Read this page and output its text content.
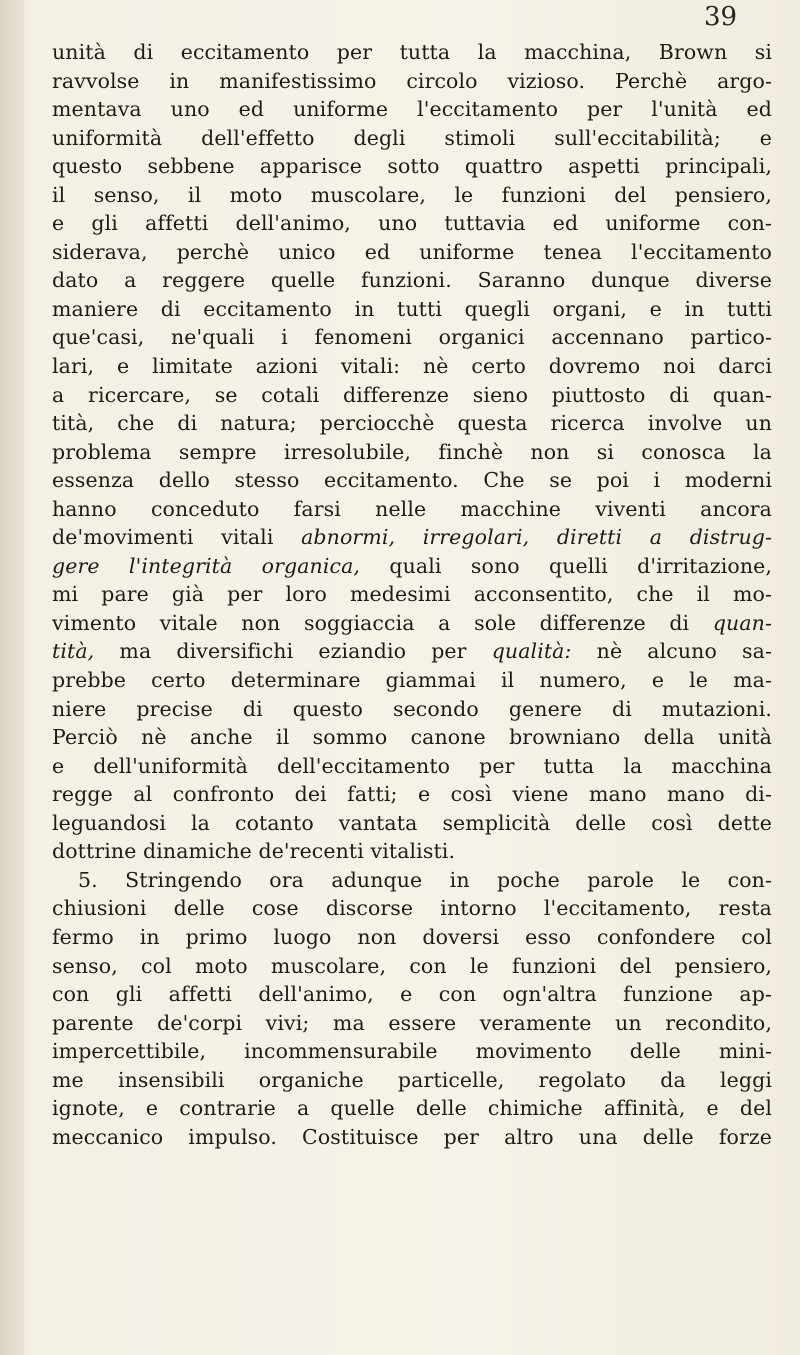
39
unità di eccitamento per tutta la macchina, Brown si
ravvolse in manifestissimo circolo vizioso. Perchè argo-
mentava uno ed uniforme l'eccitamento per l'unità ed
uniformità dell'effetto degli stimoli sull'eccitabilità; e
questo sebbene apparisce sotto quattro aspetti principali,
il senso, il moto muscolare, le funzioni del pensiero,
e gli affetti dell'animo, uno tuttavia ed uniforme con-
siderava, perchè unico ed uniforme tenea l'eccitamento
dato a reggere quelle funzioni. Saranno dunque diverse
maniere di eccitamento in tutti quegli organi, e in tutti
que'casi, ne'quali i fenomeni organici accennano partico-
lari, e limitate azioni vitali: nè certo dovremo noi darci
a ricercare, se cotali differenze sieno piuttosto di quan-
tità, che di natura; perciocchè questa ricerca involve un
problema sempre irresolubile, finchè non si conosca la
essenza dello stesso eccitamento. Che se poi i moderni
hanno conceduto farsi nelle macchine viventi ancora
de'movimenti vitali abnormi, irregolari, diretti a distrug-
gere l'integrità organica, quali sono quelli d'irritazione,
mi pare già per loro medesimi acconsentito, che il mo-
vimento vitale non soggiaccia a sole differenze di quan-
tità, ma diversifichi eziandio per qualità: nè alcuno sa-
prebbe certo determinare giammai il numero, e le ma-
niere precise di questo secondo genere di mutazioni.
Perciò nè anche il sommo canone browniano della unità
e dell'uniformità dell'eccitamento per tutta la macchina
regge al confronto dei fatti; e così viene mano mano di-
leguandosi la cotanto vantata semplicità delle così dette
dottrine dinamiche de'recenti vitalisti.
5. Stringendo ora adunque in poche parole le con-
chiusioni delle cose discorse intorno l'eccitamento, resta
fermo in primo luogo non doversi esso confondere col
senso, col moto muscolare, con le funzioni del pensiero,
con gli affetti dell'animo, e con ogn'altra funzione ap-
parente de'corpi vivi; ma essere veramente un recondito,
impercettibile, incommensurabile movimento delle mini-
me insensibili organiche particelle, regolato da leggi
ignote, e contrarie a quelle delle chimiche affinità, e del
meccanico impulso. Costituisce per altro una delle forze
